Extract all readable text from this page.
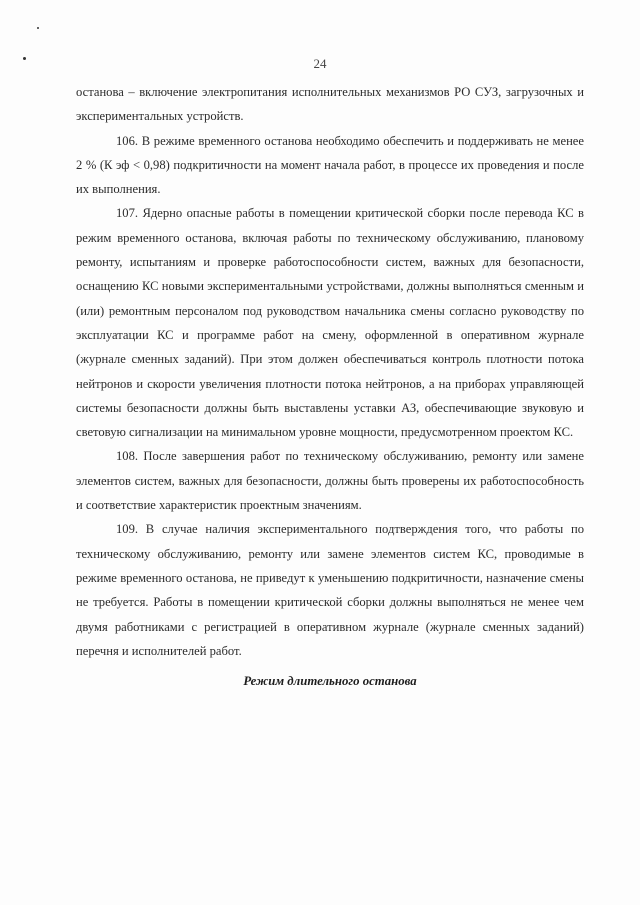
24

останова – включение электропитания исполнительных механизмов РО СУЗ, загрузочных и экспериментальных устройств.

106. В режиме временного останова необходимо обеспечить и поддерживать не менее 2 % (К эф < 0,98) подкритичности на момент начала работ, в процессе их проведения и после их выполнения.

107. Ядерно опасные работы в помещении критической сборки после перевода КС в режим временного останова, включая работы по техническому обслуживанию, плановому ремонту, испытаниям и проверке работоспособности систем, важных для безопасности, оснащению КС новыми экспериментальными устройствами, должны выполняться сменным и (или) ремонтным персоналом под руководством начальника смены согласно руководству по эксплуатации КС и программе работ на смену, оформленной в оперативном журнале (журнале сменных заданий). При этом должен обеспечиваться контроль плотности потока нейтронов и скорости увеличения плотности потока нейтронов, а на приборах управляющей системы безопасности должны быть выставлены уставки АЗ, обеспечивающие звуковую и световую сигнализации на минимальном уровне мощности, предусмотренном проектом КС.

108. После завершения работ по техническому обслуживанию, ремонту или замене элементов систем, важных для безопасности, должны быть проверены их работоспособность и соответствие характеристик проектным значениям.

109. В случае наличия экспериментального подтверждения того, что работы по техническому обслуживанию, ремонту или замене элементов систем КС, проводимые в режиме временного останова, не приведут к уменьшению подкритичности, назначение смены не требуется. Работы в помещении критической сборки должны выполняться не менее чем двумя работниками с регистрацией в оперативном журнале (журнале сменных заданий) перечня и исполнителей работ.

Режим длительного останова
